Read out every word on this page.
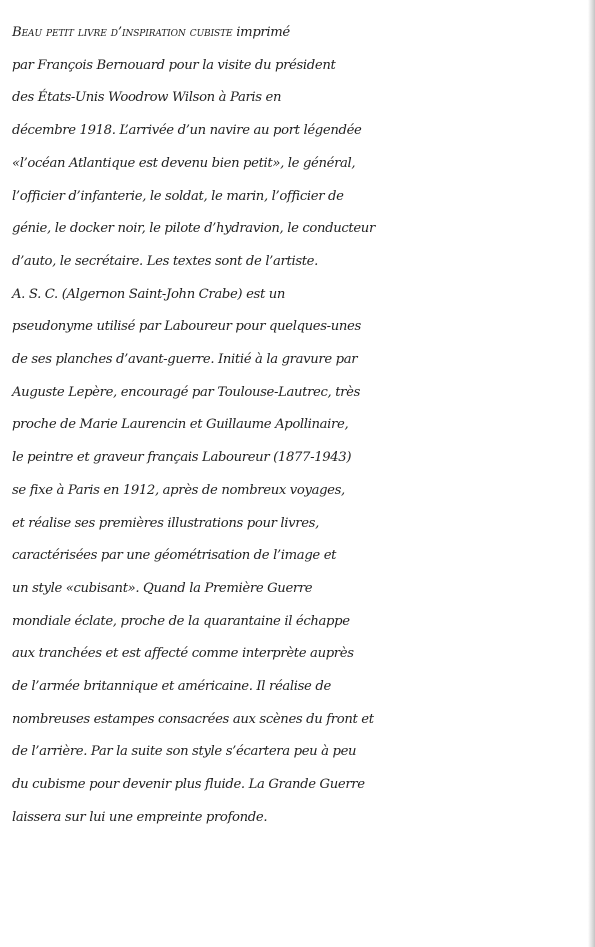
Beau petit livre d’inspiration cubiste imprimé
par François Bernouard pour la visite du président
des États-Unis Woodrow Wilson à Paris en
décembre 1918. L’arrivée d’un navire au port légendée
«l’océan Atlantique est devenu bien petit», le général,
l’officier d’infanterie, le soldat, le marin, l’officier de
génie, le docker noir, le pilote d’hydravion, le conducteur
d’auto, le secrétaire. Les textes sont de l’artiste.
A. S. C. (Algernon Saint-John Crabe) est un
pseudonyme utilisé par Laboureur pour quelques-unes
de ses planches d’avant-guerre. Initié à la gravure par
Auguste Lepère, encouragé par Toulouse-Lautrec, très
proche de Marie Laurencin et Guillaume Apollinaire,
le peintre et graveur français Laboureur (1877-1943)
se fixe à Paris en 1912, après de nombreux voyages,
et réalise ses premières illustrations pour livres,
caractérisées par une géométrisation de l’image et
un style «cubisant». Quand la Première Guerre
mondiale éclate, proche de la quarantaine il échappe
aux tranchées et est affecté comme interprète auprès
de l’armée britannique et américaine. Il réalise de
nombreuses estampes consacrées aux scènes du front et
de l’arrière. Par la suite son style s’écartera peu à peu
du cubisme pour devenir plus fluide. La Grande Guerre
laissera sur lui une empreinte profonde.
